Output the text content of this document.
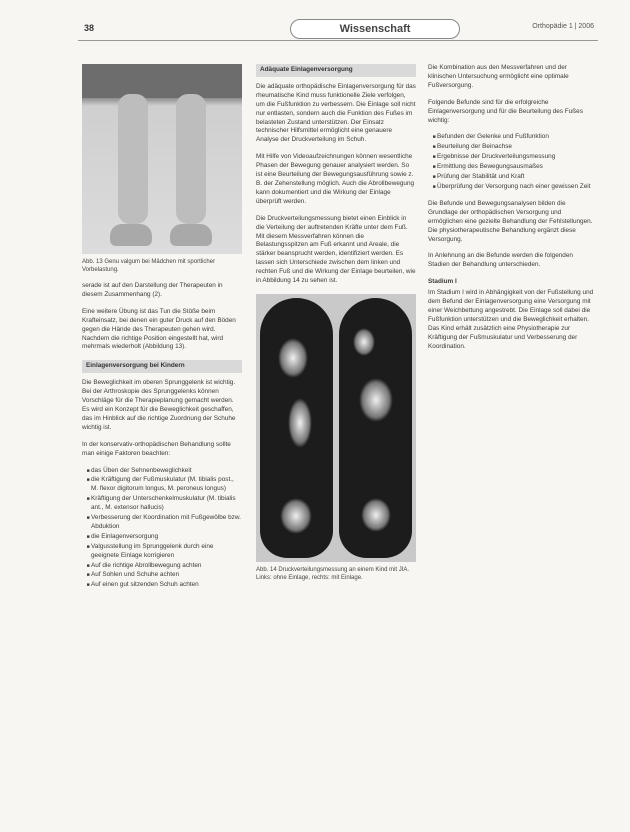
38	Wissenschaft	Orthopädie 1 | 2006
Abb. 13 Genu valgum bei Mädchen mit sportlicher Vorbelastung.

serade ist auf den Darstellung der Therapeuten in diesem Zusammenhang (2).

Eine weitere Übung ist das Tun die Stöße beim Krafteinsatz, bei denen ein guter Druck auf den Böden gegen die Hände des Therapeuten gehen wird. Nachdem die richtige Position eingestellt hat, wird mehrmals wiederholt (Abbildung 13).

Einlagenversorgung bei Kindern

Die Beweglichkeit im oberen Sprunggelenk ist wichtig. Bei der Arthroskopie des Sprunggelenks können Vorschläge für die Therapieplanung gemacht werden. Es wird ein Konzept für die Beweglichkeit geschaffen, das im Hinblick auf die richtige Zuordnung der Schuhe wichtig ist.

In der konservativ-orthopädischen Behandlung sollte man einige Faktoren beachten:

• das Üben der Sehnenbeweglichkeit
• die Kräftigung der Fußmuskulatur (M. tibialis post., M. flexor digitorum longus, M. peroneus longus)
• Kräftigung der Unterschenkelmuskulatur (M. tibialis ant., M. extensor hallucis)
• Verbesserung der Koordination mit Fußgewölbe bzw. Abduktion
• die Einlagenversorgung
• Valgusstellung im Sprunggelenk durch eine geeignete Einlage korrigieren
• Auf die richtige Abrollbewegung achten
• Auf Sohlen und Schuhe achten
• Auf einen gut sitzenden Schuh achten
Adäquate Einlagenversorgung

Die adäquate orthopädische Einlagenversorgung für das rheumatische Kind muss funktionelle Ziele verfolgen, um die Fußfunktion zu verbessern. Die Einlage soll nicht nur entlasten, sondern auch die Funktion des Fußes im belasteten Zustand unterstützen. Der Einsatz technischer Hilfsmittel ermöglicht eine genauere Analyse der Druckverteilung im Schuh.

Mit Hilfe von Videoaufzeichnungen können wesentliche Phasen der Bewegung genauer analysiert werden. So ist eine Beurteilung der Bewegungsausführung sowie z. B. der Zehenstellung möglich. Auch die Abrollbewegung kann dokumentiert und die Wirkung der Einlage überprüft werden.

Die Druckverteilungsmessung bietet einen Einblick in die Verteilung der auftretenden Kräfte unter dem Fuß. Mit diesem Messverfahren können die Belastungsspitzen am Fuß erkannt und Areale, die stärker beansprucht werden, identifiziert werden. Es lassen sich Unterschiede zwischen dem linken und rechten Fuß und die Wirkung der Einlage beurteilen, wie in Abbildung 14 zu sehen ist.

Abb. 14 Druckverteilungsmessung an einem Kind mit JIA. Links: ohne Einlage, rechts: mit Einlage.

Die Kombination aus den Messverfahren und der klinischen Untersuchung ermöglicht eine optimale Fußversorgung.

Folgende Befunde sind für die erfolgreiche Einlagenversorgung und für die Beurteilung des Fußes wichtig:

• Befunden der Gelenke und Fußfunktion
• Beurteilung der Beinachse
• Ergebnisse der Druckverteilungsmessung
• Ermittlung des Bewegungsausmaßes
• Prüfung der Stabilität und Kraft
• Überprüfung der Versorgung nach einer gewissen Zeit

Die Befunde und Bewegungsanalysen bilden die Grundlage der orthopädischen Versorgung und ermöglichen eine gezielte Behandlung der Fehlstellungen. Die physiotherapeutische Behandlung ergänzt diese Versorgung.

In Anlehnung an die Befunde werden die folgenden Stadien der Behandlung unterschieden.

Stadium I

Im Stadium I wird in Abhängigkeit von der Fußstellung und dem Befund der Einlagenversorgung eine Versorgung mit einer Weichbettung angestrebt. Die Einlage soll dabei die Fußfunktion unterstützen und die Beweglichkeit erhalten. Das Kind erhält zusätzlich eine Physiotherapie zur Kräftigung der Fußmuskulatur und Verbesserung der Koordination.
